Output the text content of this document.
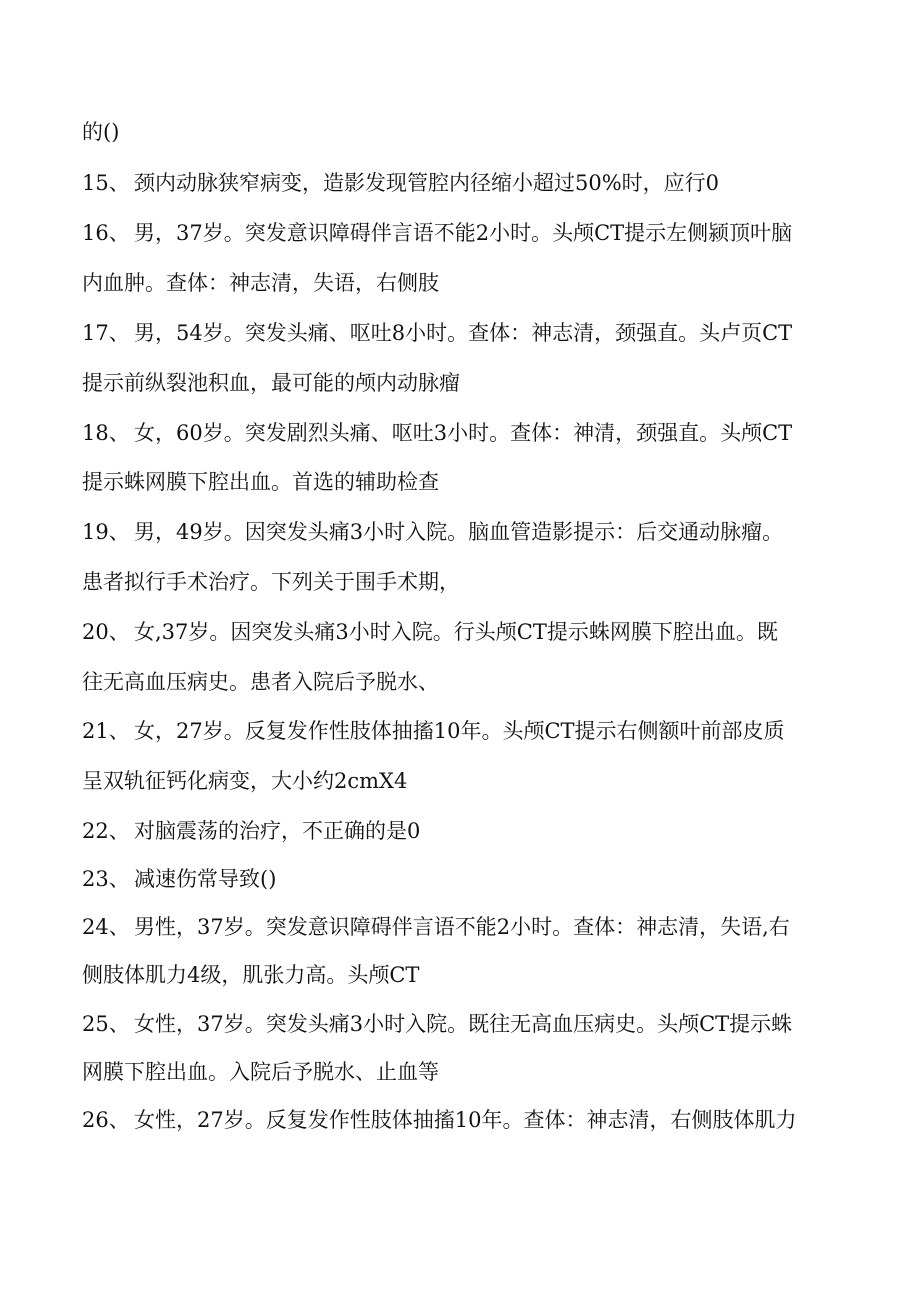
的()
15、 颈内动脉狭窄病变，造影发现管腔内径缩小超过50%时，应行0
16、 男，37岁。突发意识障碍伴言语不能2小时。头颅CT提示左侧颍顶叶脑
内血肿。查体：神志清，失语，右侧肢
17、 男，54岁。突发头痛、呕吐8小时。查体：神志清，颈强直。头卢页CT
提示前纵裂池积血，最可能的颅内动脉瘤
18、 女，60岁。突发剧烈头痛、呕吐3小时。查体：神清，颈强直。头颅CT
提示蛛网膜下腔出血。首选的辅助检查
19、 男，49岁。因突发头痛3小时入院。脑血管造影提示：后交通动脉瘤。
患者拟行手术治疗。下列关于围手术期，
20、 女,37岁。因突发头痛3小时入院。行头颅CT提示蛛网膜下腔出血。既
往无高血压病史。患者入院后予脱水、
21、 女，27岁。反复发作性肢体抽搐10年。头颅CT提示右侧额叶前部皮质
呈双轨征钙化病变，大小约2cmX4
22、 对脑震荡的治疗，不正确的是0
23、 减速伤常导致()
24、 男性，37岁。突发意识障碍伴言语不能2小时。查体：神志清，失语,右
侧肢体肌力4级，肌张力高。头颅CT
25、 女性，37岁。突发头痛3小时入院。既往无高血压病史。头颅CT提示蛛
网膜下腔出血。入院后予脱水、止血等
26、 女性，27岁。反复发作性肢体抽搐10年。查体：神志清，右侧肢体肌力
